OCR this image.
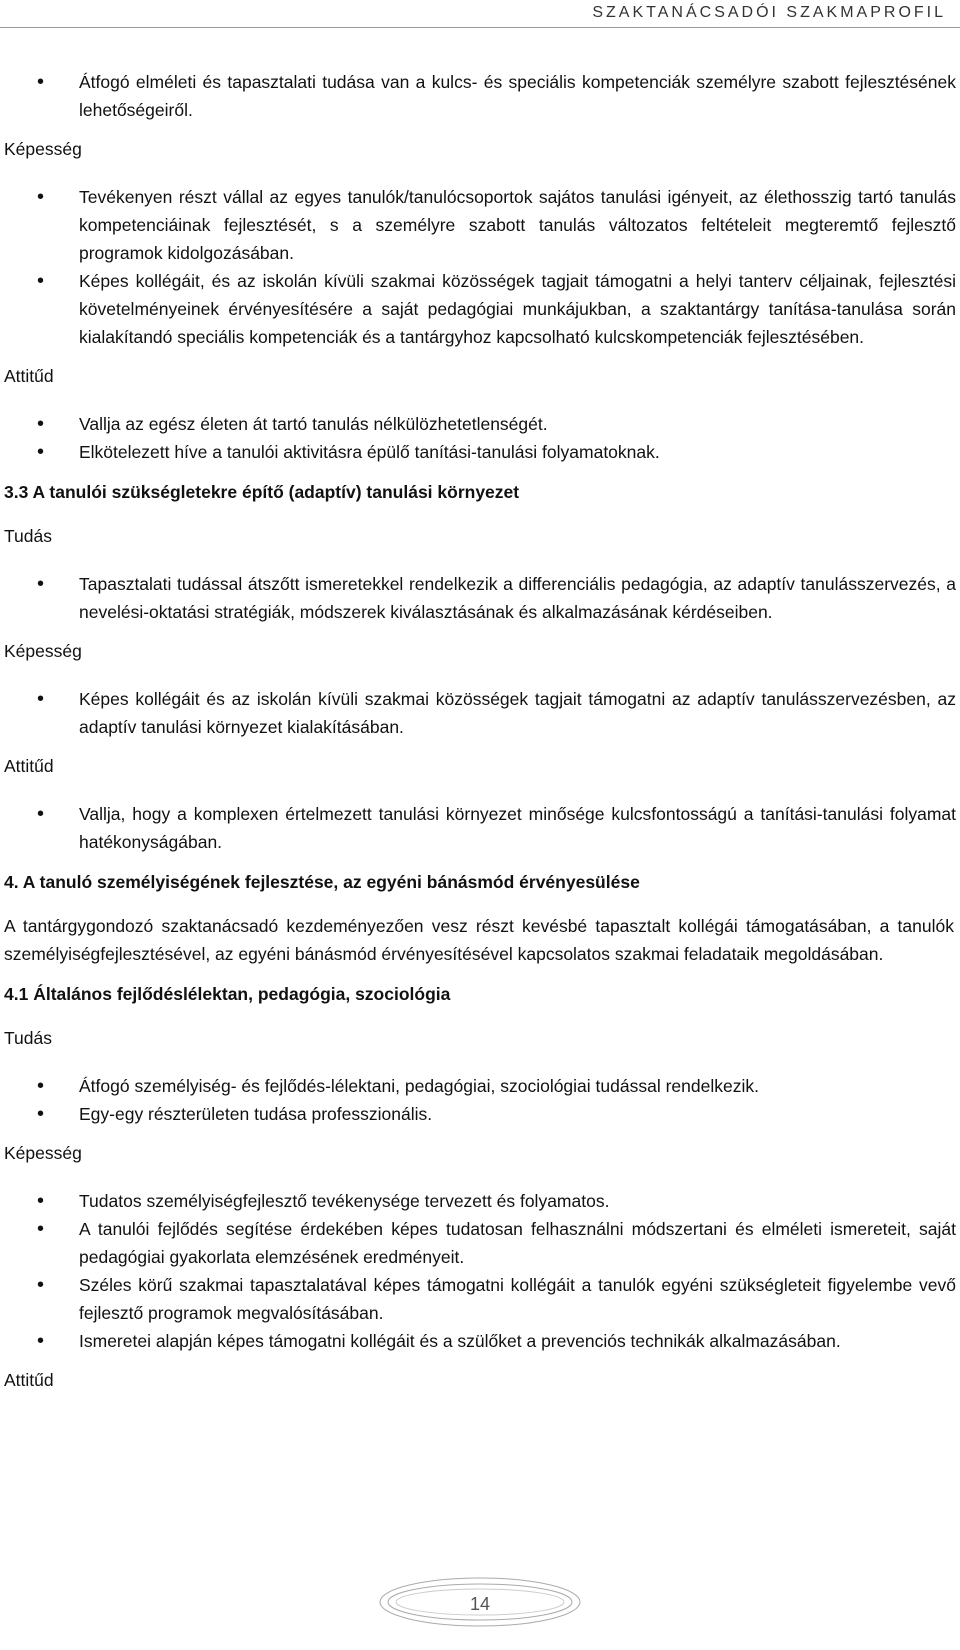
SZAKTANÁCSADÓI SZAKMAPROFIL
• Átfogó elméleti és tapasztalati tudása van a kulcs- és speciális kompetenciák személyre szabott fejlesztésének lehetőségeiről.
Képesség
• Tevékenyen részt vállal az egyes tanulók/tanulócsoportok sajátos tanulási igényeit, az élethosszig tartó tanulás kompetenciáinak fejlesztését, s a személyre szabott tanulás változatos feltételeit megteremtő fejlesztő programok kidolgozásában.
• Képes kollégáit, és az iskolán kívüli szakmai közösségek tagjait támogatni a helyi tanterv céljainak, fejlesztési követelményeinek érvényesítésére a saját pedagógiai munkájukban, a szaktantárgy tanítása-tanulása során kialakítandó speciális kompetenciák és a tantárgyhoz kapcsolható kulcskompetenciák fejlesztésében.
Attitűd
• Vallja az egész életen át tartó tanulás nélkülözhetetlenségét.
• Elkötelezett híve a tanulói aktivitásra épülő tanítási-tanulási folyamatoknak.
3.3 A tanulói szükségletekre építő (adaptív) tanulási környezet
Tudás
• Tapasztalati tudással átszőtt ismeretekkel rendelkezik a differenciális pedagógia, az adaptív tanulásszervezés, a nevelési-oktatási stratégiák, módszerek kiválasztásának és alkalmazásának kérdéseiben.
Képesség
• Képes kollégáit és az iskolán kívüli szakmai közösségek tagjait támogatni az adaptív tanulásszervezésben, az adaptív tanulási környezet kialakításában.
Attitűd
• Vallja, hogy a komplexen értelmezett tanulási környezet minősége kulcsfontosságú a tanítási-tanulási folyamat hatékonyságában.
4. A tanuló személyiségének fejlesztése, az egyéni bánásmód érvényesülése
A tantárgygondozó szaktanácsadó kezdeményezően vesz részt kevésbé tapasztalt kollégái támogatásában, a tanulók személyiségfejlesztésével, az egyéni bánásmód érvényesítésével kapcsolatos szakmai feladataik megoldásában.
4.1 Általános fejlődéslélektan, pedagógia, szociológia
Tudás
• Átfogó személyiség- és fejlődés-lélektani, pedagógiai, szociológiai tudással rendelkezik.
• Egy-egy részterületen tudása professzionális.
Képesség
• Tudatos személyiségfejlesztő tevékenysége tervezett és folyamatos.
• A tanulói fejlődés segítése érdekében képes tudatosan felhasználni módszertani és elméleti ismereteit, saját pedagógiai gyakorlata elemzésének eredményeit.
• Széles körű szakmai tapasztalatával képes támogatni kollégáit a tanulók egyéni szükségleteit figyelembe vevő fejlesztő programok megvalósításában.
• Ismeretei alapján képes támogatni kollégáit és a szülőket a prevenciós technikák alkalmazásában.
Attitűd
14
